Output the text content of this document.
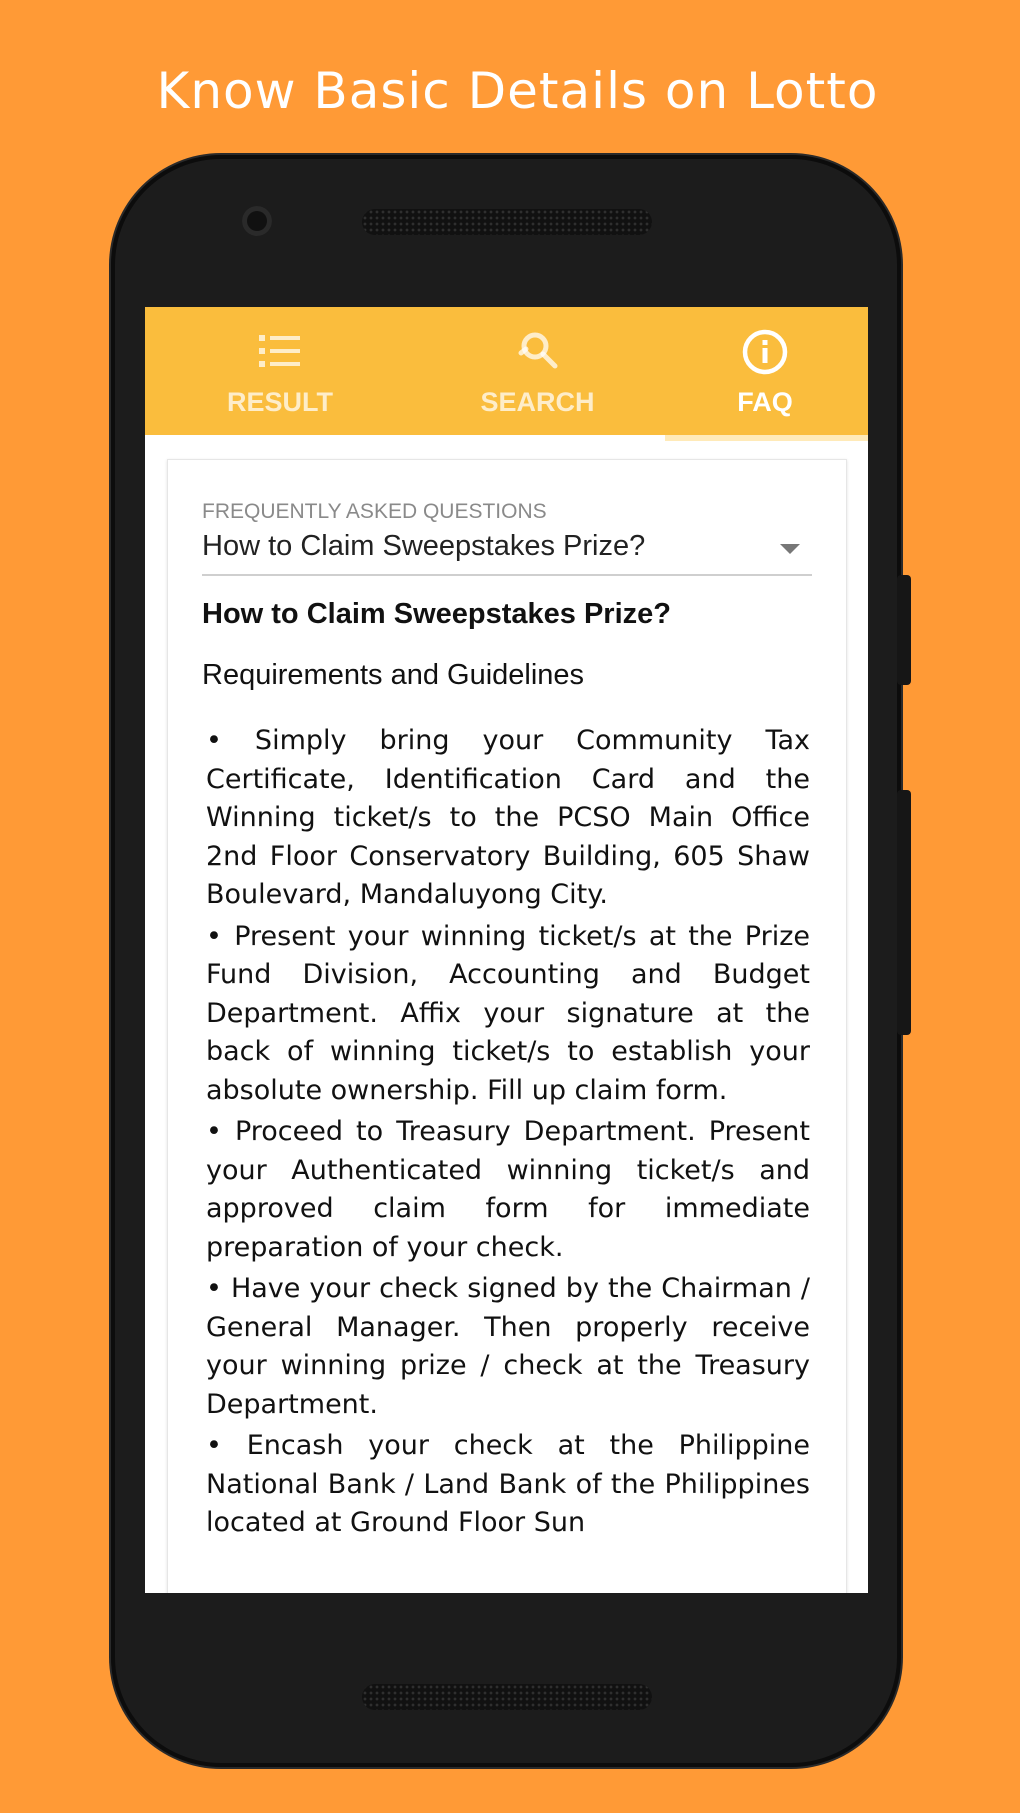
Know Basic Details on Lotto
RESULT	SEARCH	FAQ
FREQUENTLY ASKED QUESTIONS
How to Claim Sweepstakes Prize?
How to Claim Sweepstakes Prize?

Requirements and Guidelines

• Simply bring your Community Tax Certificate, Identification Card and the Winning ticket/s to the PCSO Main Office 2nd Floor Conservatory Building, 605 Shaw Boulevard, Mandaluyong City.
• Present your winning ticket/s at the Prize Fund Division, Accounting and Budget Department. Affix your signature at the back of winning ticket/s to establish your absolute ownership. Fill up claim form.
• Proceed to Treasury Department. Present your Authenticated winning ticket/s and approved claim form for immediate preparation of your check.
• Have your check signed by the Chairman / General Manager. Then properly receive your winning prize / check at the Treasury Department.
• Encash your check at the Philippine National Bank / Land Bank of the Philippines located at Ground Floor Sun
